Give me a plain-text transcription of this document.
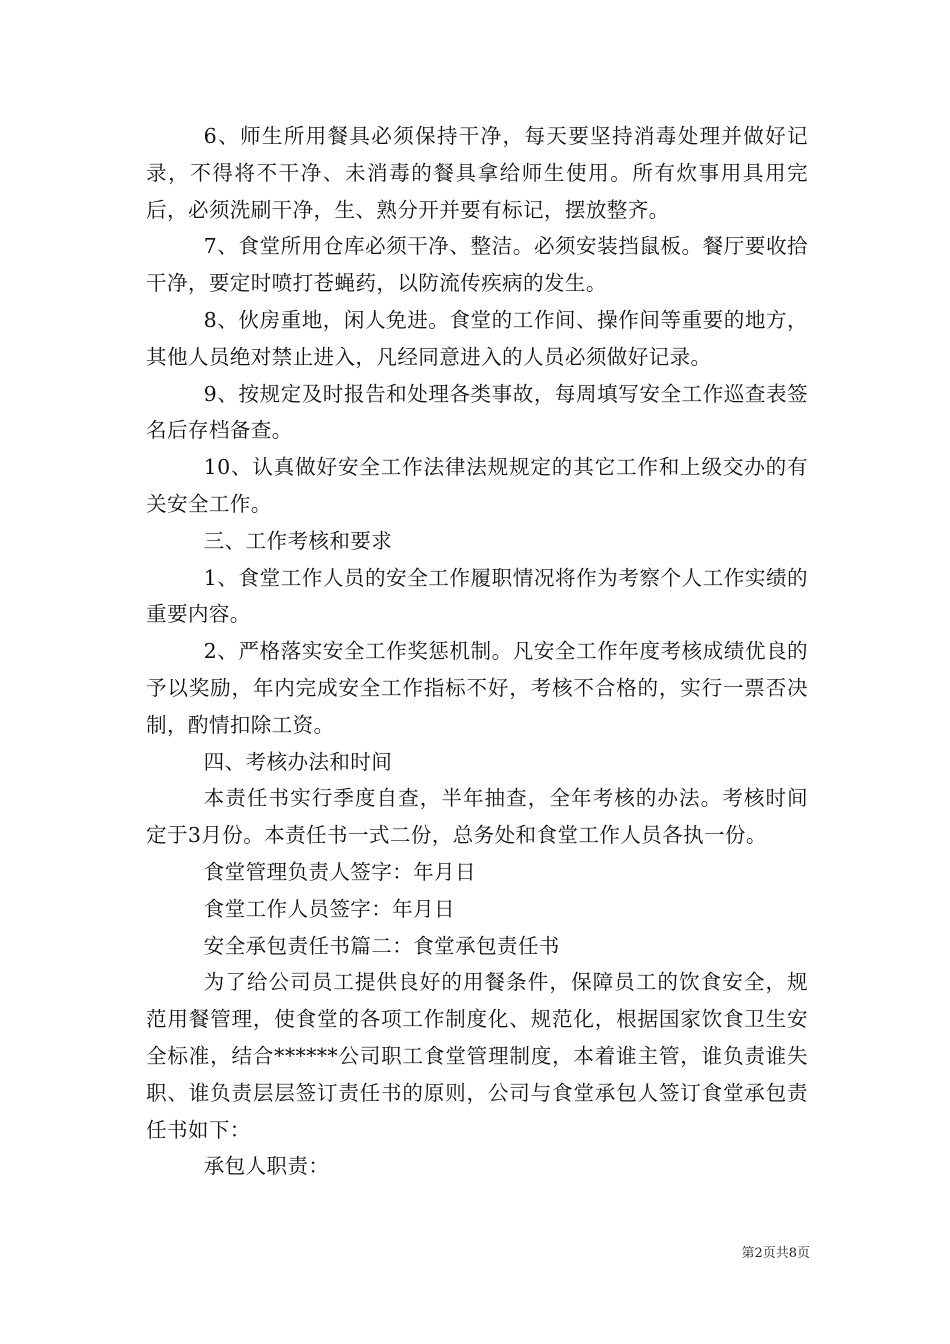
6、师生所用餐具必须保持干净，每天要坚持消毒处理并做好记录，不得将不干净、未消毒的餐具拿给师生使用。所有炊事用具用完后，必须洗刷干净，生、熟分开并要有标记，摆放整齐。

7、食堂所用仓库必须干净、整洁。必须安装挡鼠板。餐厅要收拾干净，要定时喷打苍蝇药，以防流传疾病的发生。

8、伙房重地，闲人免进。食堂的工作间、操作间等重要的地方，其他人员绝对禁止进入，凡经同意进入的人员必须做好记录。

9、按规定及时报告和处理各类事故，每周填写安全工作巡查表签名后存档备查。

10、认真做好安全工作法律法规规定的其它工作和上级交办的有关安全工作。

三、工作考核和要求

1、食堂工作人员的安全工作履职情况将作为考察个人工作实绩的重要内容。

2、严格落实安全工作奖惩机制。凡安全工作年度考核成绩优良的予以奖励，年内完成安全工作指标不好，考核不合格的，实行一票否决制，酌情扣除工资。

四、考核办法和时间

本责任书实行季度自查，半年抽查，全年考核的办法。考核时间定于3月份。本责任书一式二份，总务处和食堂工作人员各执一份。

食堂管理负责人签字：年月日

食堂工作人员签字：年月日

安全承包责任书篇二：食堂承包责任书

为了给公司员工提供良好的用餐条件，保障员工的饮食安全，规范用餐管理，使食堂的各项工作制度化、规范化，根据国家饮食卫生安全标准，结合******公司职工食堂管理制度，本着谁主管，谁负责谁失职、谁负责层层签订责任书的原则，公司与食堂承包人签订食堂承包责任书如下：

承包人职责：

第2页共8页
